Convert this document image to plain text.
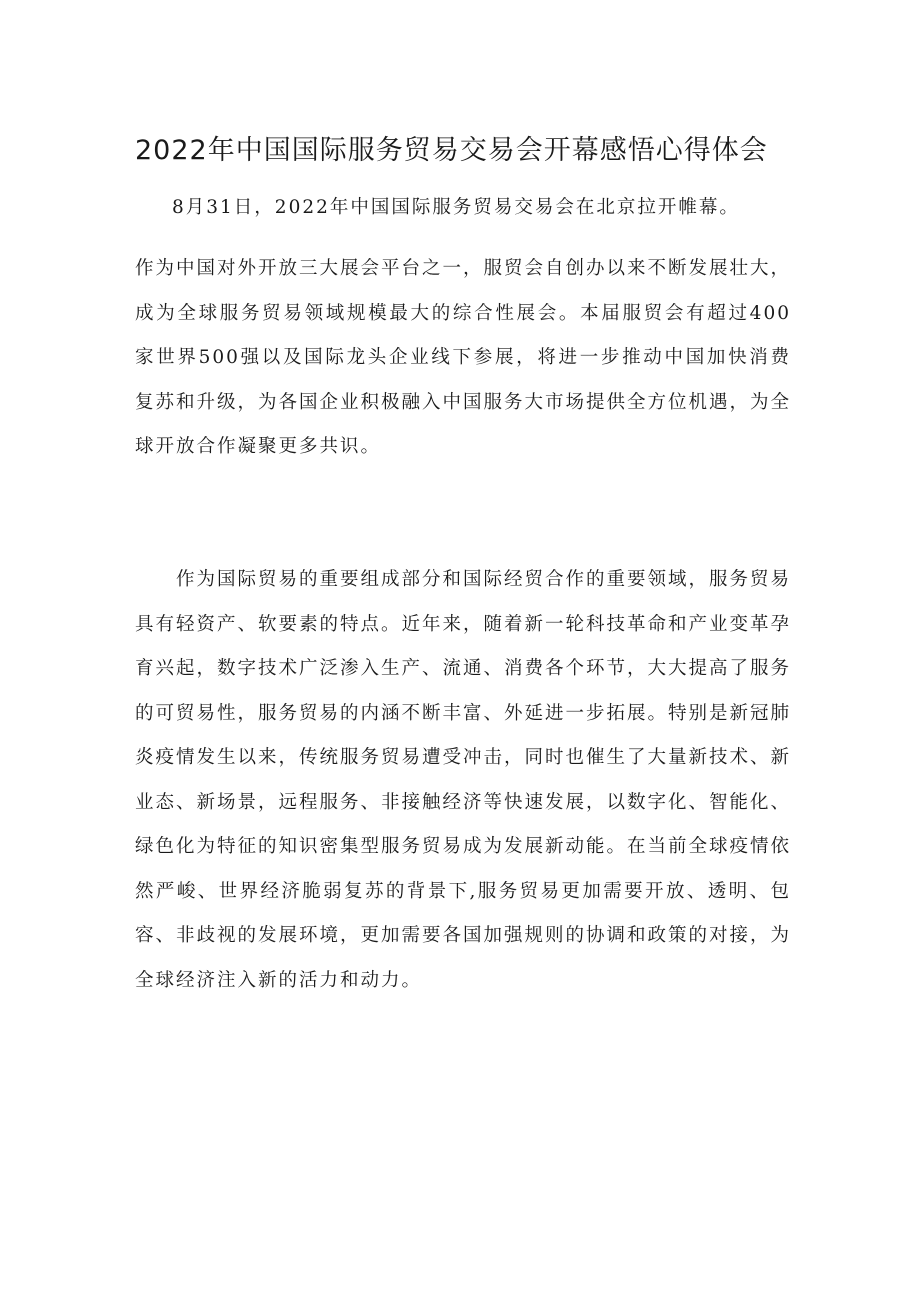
2022年中国国际服务贸易交易会开幕感悟心得体会

8月31日，2022年中国国际服务贸易交易会在北京拉开帷幕。

作为中国对外开放三大展会平台之一，服贸会自创办以来不断发展壮大，成为全球服务贸易领域规模最大的综合性展会。本届服贸会有超过400家世界500强以及国际龙头企业线下参展，将进一步推动中国加快消费复苏和升级，为各国企业积极融入中国服务大市场提供全方位机遇，为全球开放合作凝聚更多共识。

作为国际贸易的重要组成部分和国际经贸合作的重要领域，服务贸易具有轻资产、软要素的特点。近年来，随着新一轮科技革命和产业变革孕育兴起，数字技术广泛渗入生产、流通、消费各个环节，大大提高了服务的可贸易性，服务贸易的内涵不断丰富、外延进一步拓展。特别是新冠肺炎疫情发生以来，传统服务贸易遭受冲击，同时也催生了大量新技术、新业态、新场景，远程服务、非接触经济等快速发展，以数字化、智能化、绿色化为特征的知识密集型服务贸易成为发展新动能。在当前全球疫情依然严峻、世界经济脆弱复苏的背景下,服务贸易更加需要开放、透明、包容、非歧视的发展环境，更加需要各国加强规则的协调和政策的对接，为全球经济注入新的活力和动力。
